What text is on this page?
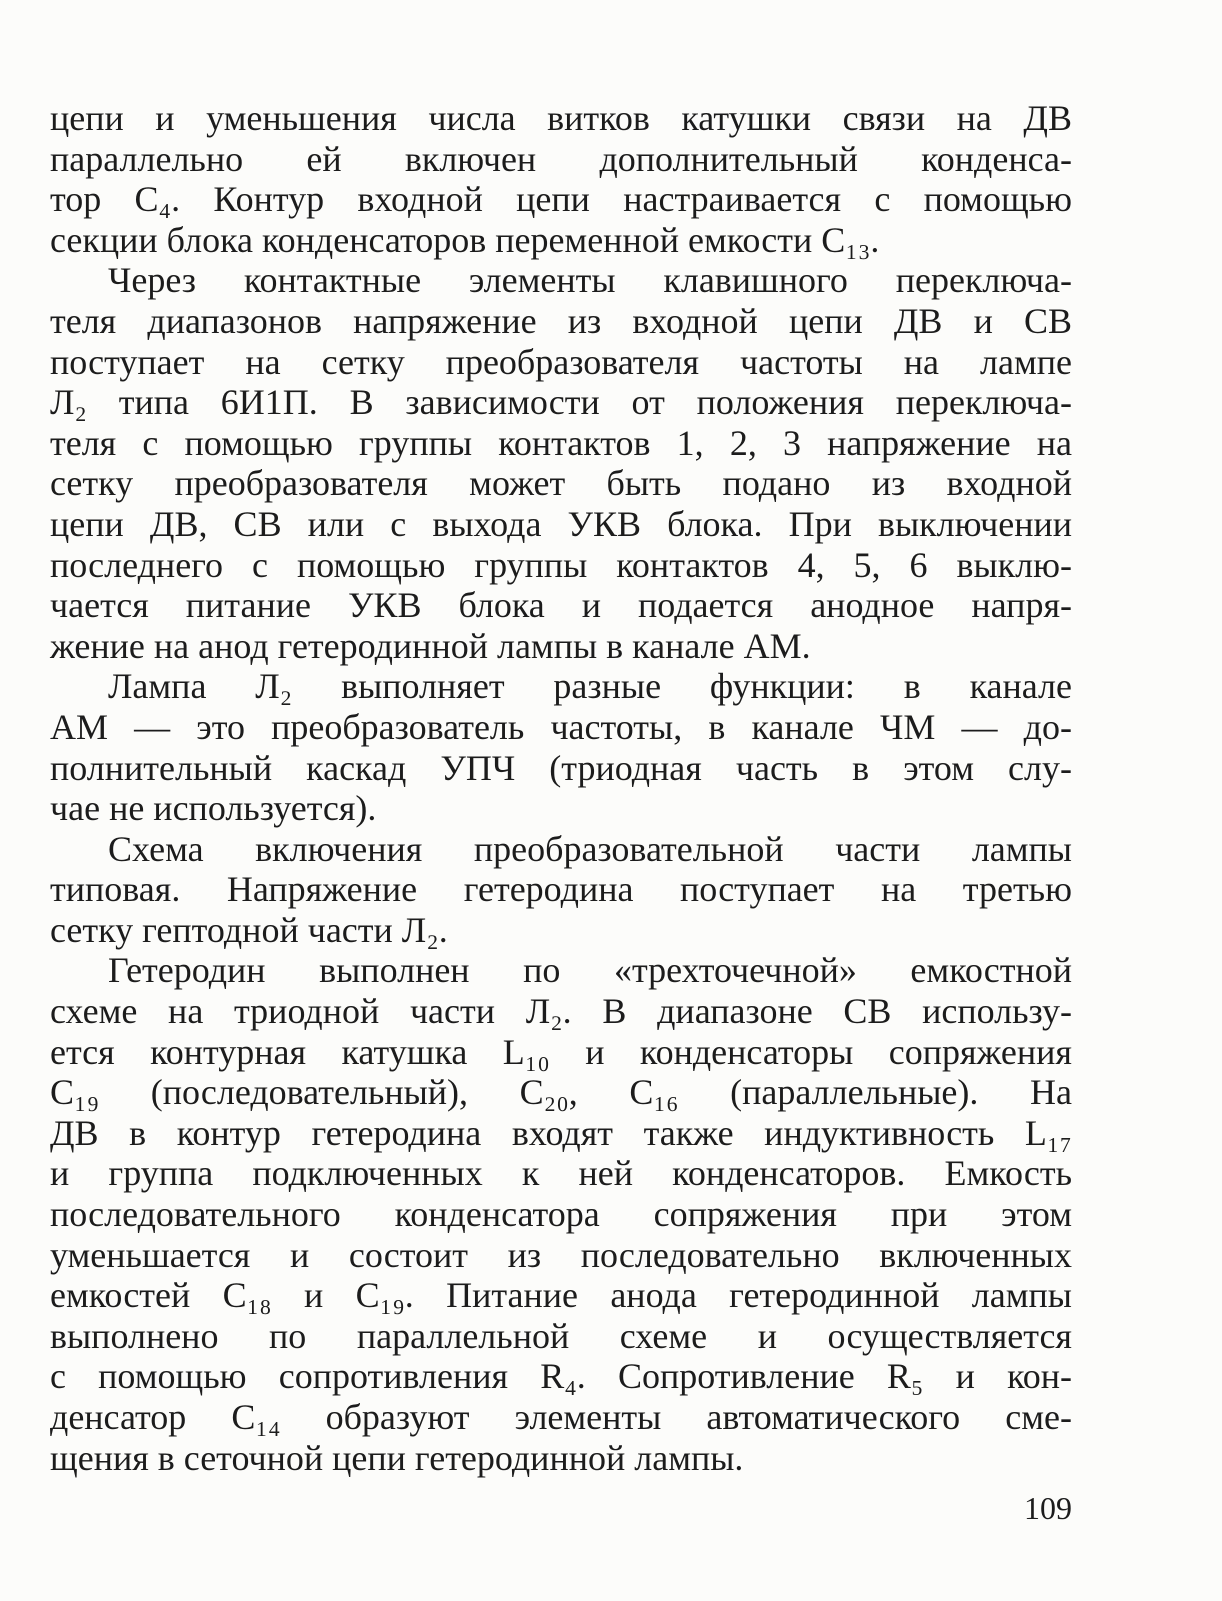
цепи и уменьшения числа витков катушки связи на ДВ
параллельно ей включен дополнительный конденса-
тор C₄. Контур входной цепи настраивается с помощью
секции блока конденсаторов переменной емкости C₁₃.
Через контактные элементы клавишного переключа-
теля диапазонов напряжение из входной цепи ДВ и СВ
поступает на сетку преобразователя частоты на лампе
Л₂ типа 6И1П. В зависимости от положения переключа-
теля с помощью группы контактов 1, 2, 3 напряжение на
сетку преобразователя может быть подано из входной
цепи ДВ, СВ или с выхода УКВ блока. При выключении
последнего с помощью группы контактов 4, 5, 6 выклю-
чается питание УКВ блока и подается анодное напря-
жение на анод гетеродинной лампы в канале АМ.
Лампа Л₂ выполняет разные функции: в канале
АМ — это преобразователь частоты, в канале ЧМ — до-
полнительный каскад УПЧ (триодная часть в этом слу-
чае не используется).
Схема включения преобразовательной части лампы
типовая. Напряжение гетеродина поступает на третью
сетку гептодной части Л₂.
Гетеродин выполнен по «трехточечной» емкостной
схеме на триодной части Л₂. В диапазоне СВ использу-
ется контурная катушка L₁₀ и конденсаторы сопряжения
C₁₉ (последовательный), C₂₀, C₁₆ (параллельные). На
ДВ в контур гетеродина входят также индуктивность L₁₇
и группа подключенных к ней конденсаторов. Емкость
последовательного конденсатора сопряжения при этом
уменьшается и состоит из последовательно включенных
емкостей C₁₈ и C₁₉. Питание анода гетеродинной лампы
выполнено по параллельной схеме и осуществляется
с помощью сопротивления R₄. Сопротивление R₅ и кон-
денсатор C₁₄ образуют элементы автоматического сме-
щения в сеточной цепи гетеродинной лампы.
109
